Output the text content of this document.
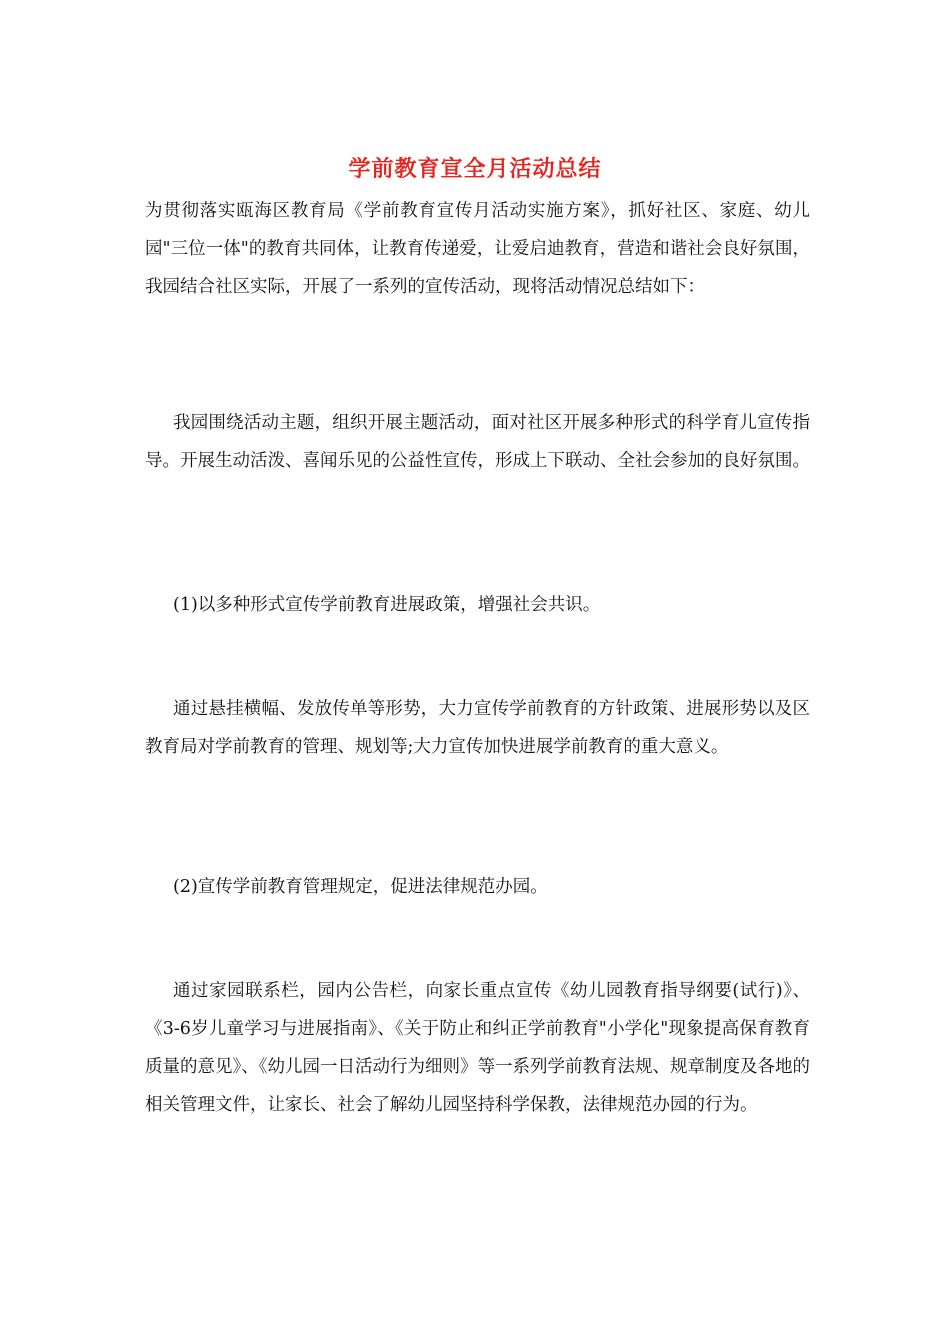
学前教育宣全月活动总结

为贯彻落实瓯海区教育局《学前教育宣传月活动实施方案》，抓好社区、家庭、幼儿园"三位一体"的教育共同体，让教育传递爱，让爱启迪教育，营造和谐社会良好氛围，我园结合社区实际，开展了一系列的宣传活动，现将活动情况总结如下：

我园围绕活动主题，组织开展主题活动，面对社区开展多种形式的科学育儿宣传指导。开展生动活泼、喜闻乐见的公益性宣传，形成上下联动、全社会参加的良好氛围。

(1)以多种形式宣传学前教育进展政策，增强社会共识。

通过悬挂横幅、发放传单等形势，大力宣传学前教育的方针政策、进展形势以及区教育局对学前教育的管理、规划等;大力宣传加快进展学前教育的重大意义。

(2)宣传学前教育管理规定，促进法律规范办园。

通过家园联系栏，园内公告栏，向家长重点宣传《幼儿园教育指导纲要(试行)》、《3-6岁儿童学习与进展指南》、《关于防止和纠正学前教育"小学化"现象提高保育教育质量的意见》、《幼儿园一日活动行为细则》等一系列学前教育法规、规章制度及各地的相关管理文件，让家长、社会了解幼儿园坚持科学保教，法律规范办园的行为。
